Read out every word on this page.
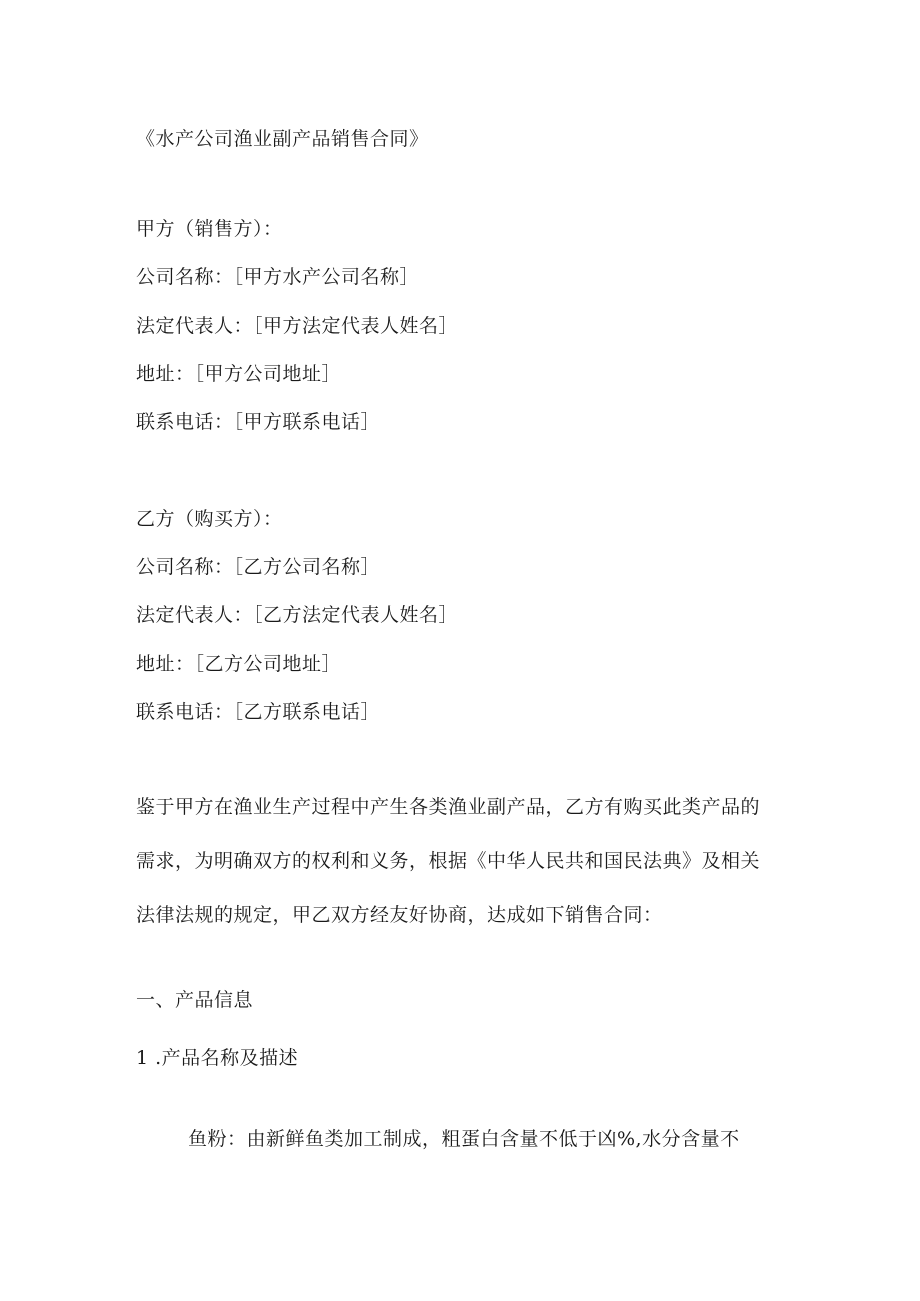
《水产公司渔业副产品销售合同》
甲方（销售方）：
公司名称：［甲方水产公司名称］
法定代表人：［甲方法定代表人姓名］
地址：［甲方公司地址］
联系电话：［甲方联系电话］
乙方（购买方）：
公司名称：［乙方公司名称］
法定代表人：［乙方法定代表人姓名］
地址：［乙方公司地址］
联系电话：［乙方联系电话］
鉴于甲方在渔业生产过程中产生各类渔业副产品，乙方有购买此类产品的
需求，为明确双方的权利和义务，根据《中华人民共和国民法典》及相关
法律法规的规定，甲乙双方经友好协商，达成如下销售合同：
一、产品信息
1 .产品名称及描述
鱼粉：由新鲜鱼类加工制成，粗蛋白含量不低于凶%,水分含量不
